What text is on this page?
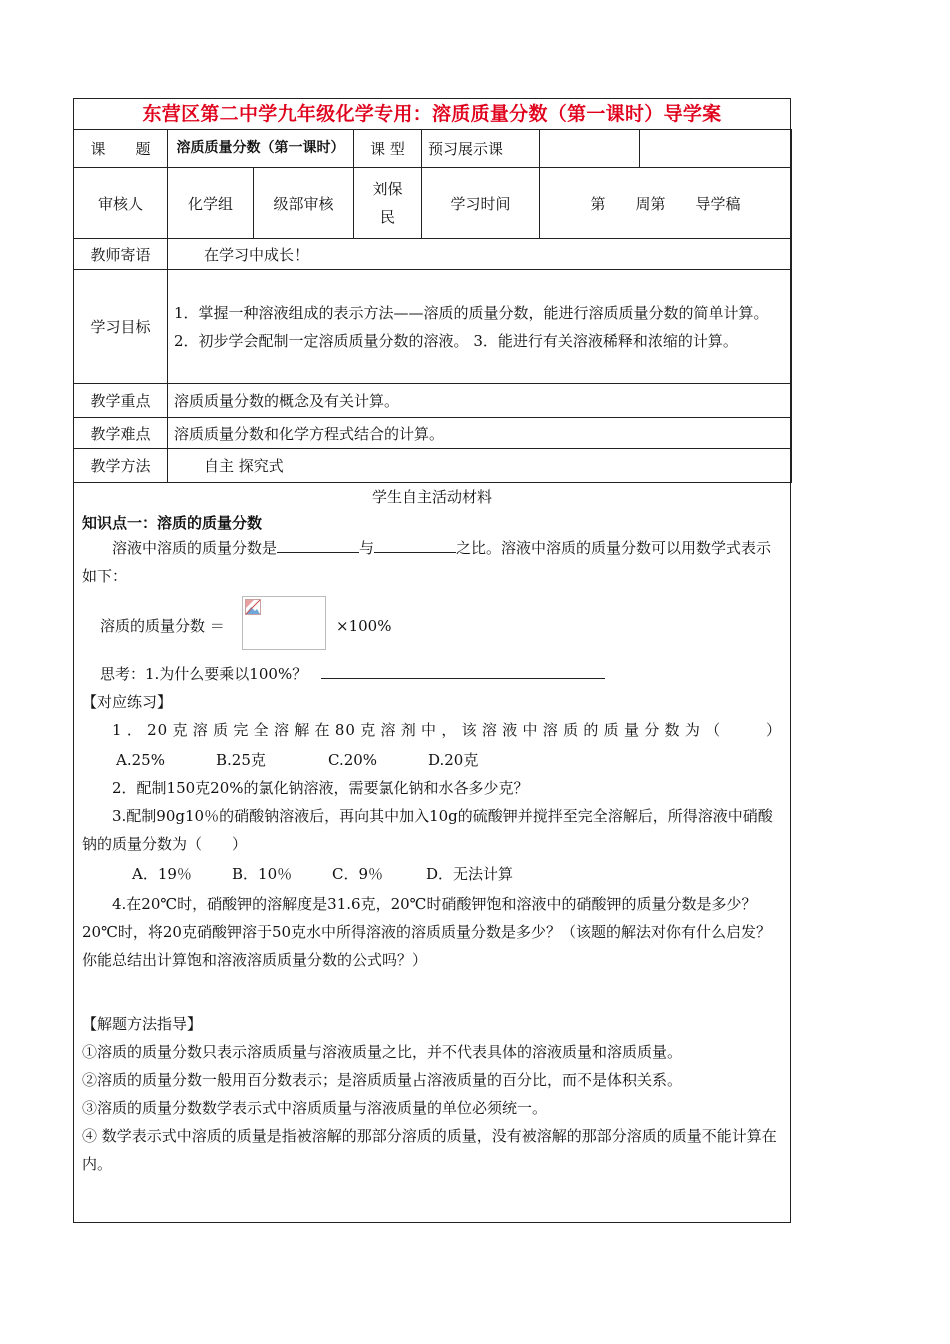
东营区第二中学九年级化学专用：溶质质量分数（第一课时）导学案
课　　题	溶质质量分数（第一课时）		课 型	预习展示课		
审核人	化学组	级部审核	刘保民	学习时间	第　　周第　　导学稿	
教师寄语	在学习中成长！					
学习目标	1．掌握一种溶液组成的表示方法——溶质的质量分数，能进行溶质质量分数的简单计算。
2．初步学会配制一定溶质质量分数的溶液。 3．能进行有关溶液稀释和浓缩的计算。					

教学重点	溶质质量分数的概念及有关计算。					
教学难点	溶质质量分数和化学方程式结合的计算。					
教学方法	自主 探究式					
学生自主活动材料

知识点一：溶质的质量分数

溶液中溶质的质量分数是	与	之比。溶液中溶质的质量分数可以用数学式表示如下：

溶质的质量分数 ＝	×100%

思考：1.为什么要乘以100%？

【对应练习】

1．20克溶质完全溶解在80克溶剂中，该溶液中溶质的质量分数为（　　）

A.25%	B.25克	C.20%	D.20克

2．配制150克20%的氯化钠溶液，需要氯化钠和水各多少克？

3.配制90g10％的硝酸钠溶液后，再向其中加入10g的硫酸钾并搅拌至完全溶解后，所得溶液中硝酸钠的质量分数为（　　）

A．19％	B．10％	C．9％	D．无法计算

4.在20℃时，硝酸钾的溶解度是31.6克，20℃时硝酸钾饱和溶液中的硝酸钾的质量分数是多少？20℃时，将20克硝酸钾溶于50克水中所得溶液的溶质质量分数是多少？（该题的解法对你有什么启发？你能总结出计算饱和溶液溶质质量分数的公式吗？）

【解题方法指导】

①溶质的质量分数只表示溶质质量与溶液质量之比，并不代表具体的溶液质量和溶质质量。

②溶质的质量分数一般用百分数表示；是溶质质量占溶液质量的百分比，而不是体积关系。

③溶质的质量分数数学表示式中溶质质量与溶液质量的单位必须统一。

④ 数学表示式中溶质的质量是指被溶解的那部分溶质的质量，没有被溶解的那部分溶质的质量不能计算在内。
